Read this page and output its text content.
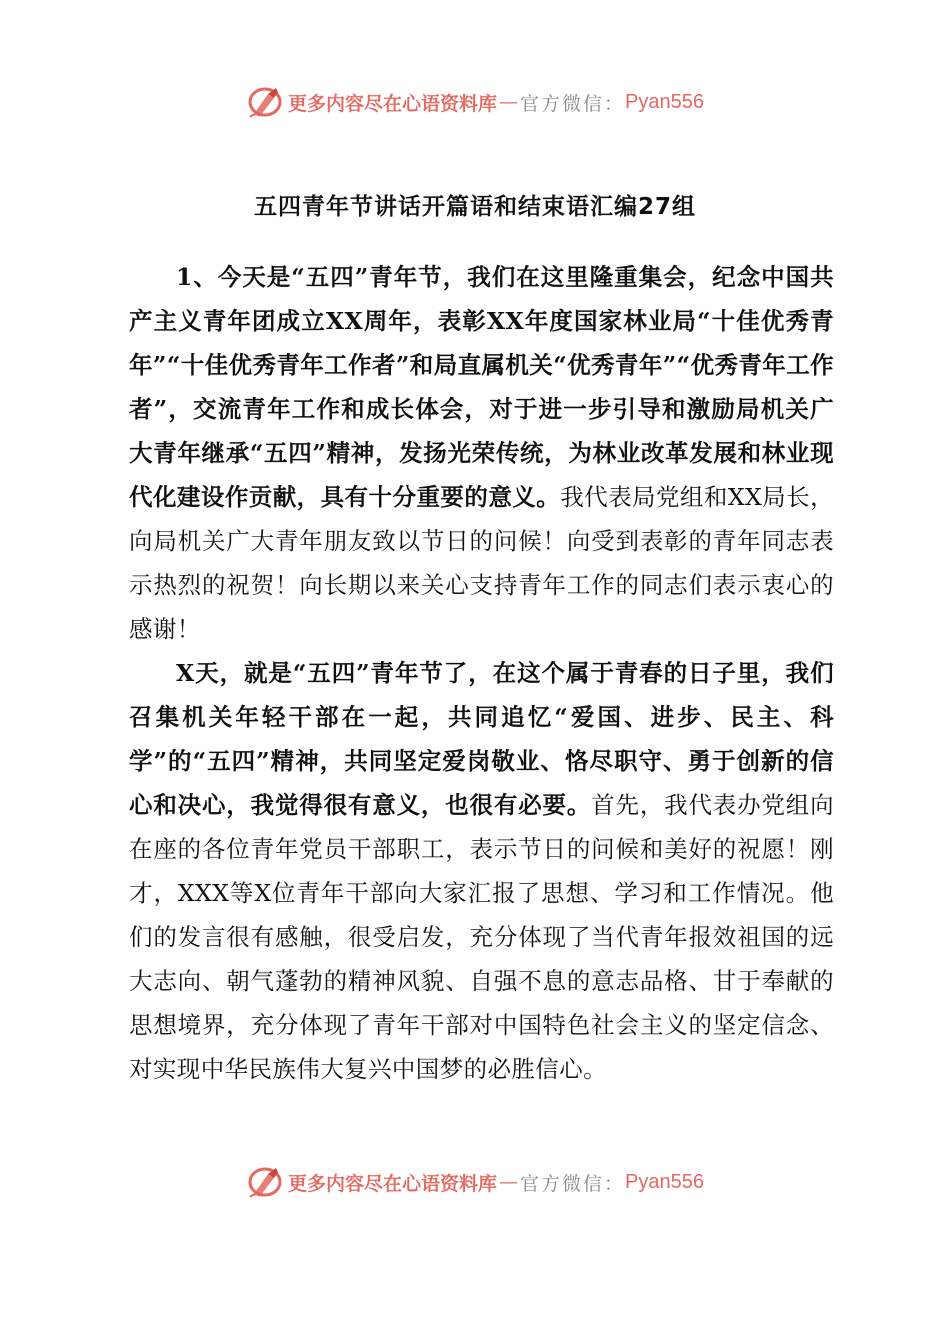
更多内容尽在心语资料库 — 官方微信： Pyan556
五四青年节讲话开篇语和结束语汇编27组

1、今天是“五四”青年节，我们在这里隆重集会，纪念中国共产主义青年团成立XX周年，表彰XX年度国家林业局“十佳优秀青年”“十佳优秀青年工作者”和局直属机关“优秀青年”“优秀青年工作者”，交流青年工作和成长体会，对于进一步引导和激励局机关广大青年继承“五四”精神，发扬光荣传统，为林业改革发展和林业现代化建设作贡献，具有十分重要的意义。我代表局党组和XX局长，向局机关广大青年朋友致以节日的问候！向受到表彰的青年同志表示热烈的祝贺！向长期以来关心支持青年工作的同志们表示衷心的感谢！

X天，就是“五四”青年节了，在这个属于青春的日子里，我们召集机关年轻干部在一起，共同追忆“爱国、进步、民主、科学”的“五四”精神，共同坚定爱岗敬业、恪尽职守、勇于创新的信心和决心，我觉得很有意义，也很有必要。首先，我代表办党组向在座的各位青年党员干部职工，表示节日的问候和美好的祝愿！刚才，XXX等X位青年干部向大家汇报了思想、学习和工作情况。他们的发言很有感触，很受启发，充分体现了当代青年报效祖国的远大志向、朝气蓬勃的精神风貌、自强不息的意志品格、甘于奉献的思想境界，充分体现了青年干部对中国特色社会主义的坚定信念、对实现中华民族伟大复兴中国梦的必胜信心。

更多内容尽在心语资料库 — 官方微信： Pyan556
